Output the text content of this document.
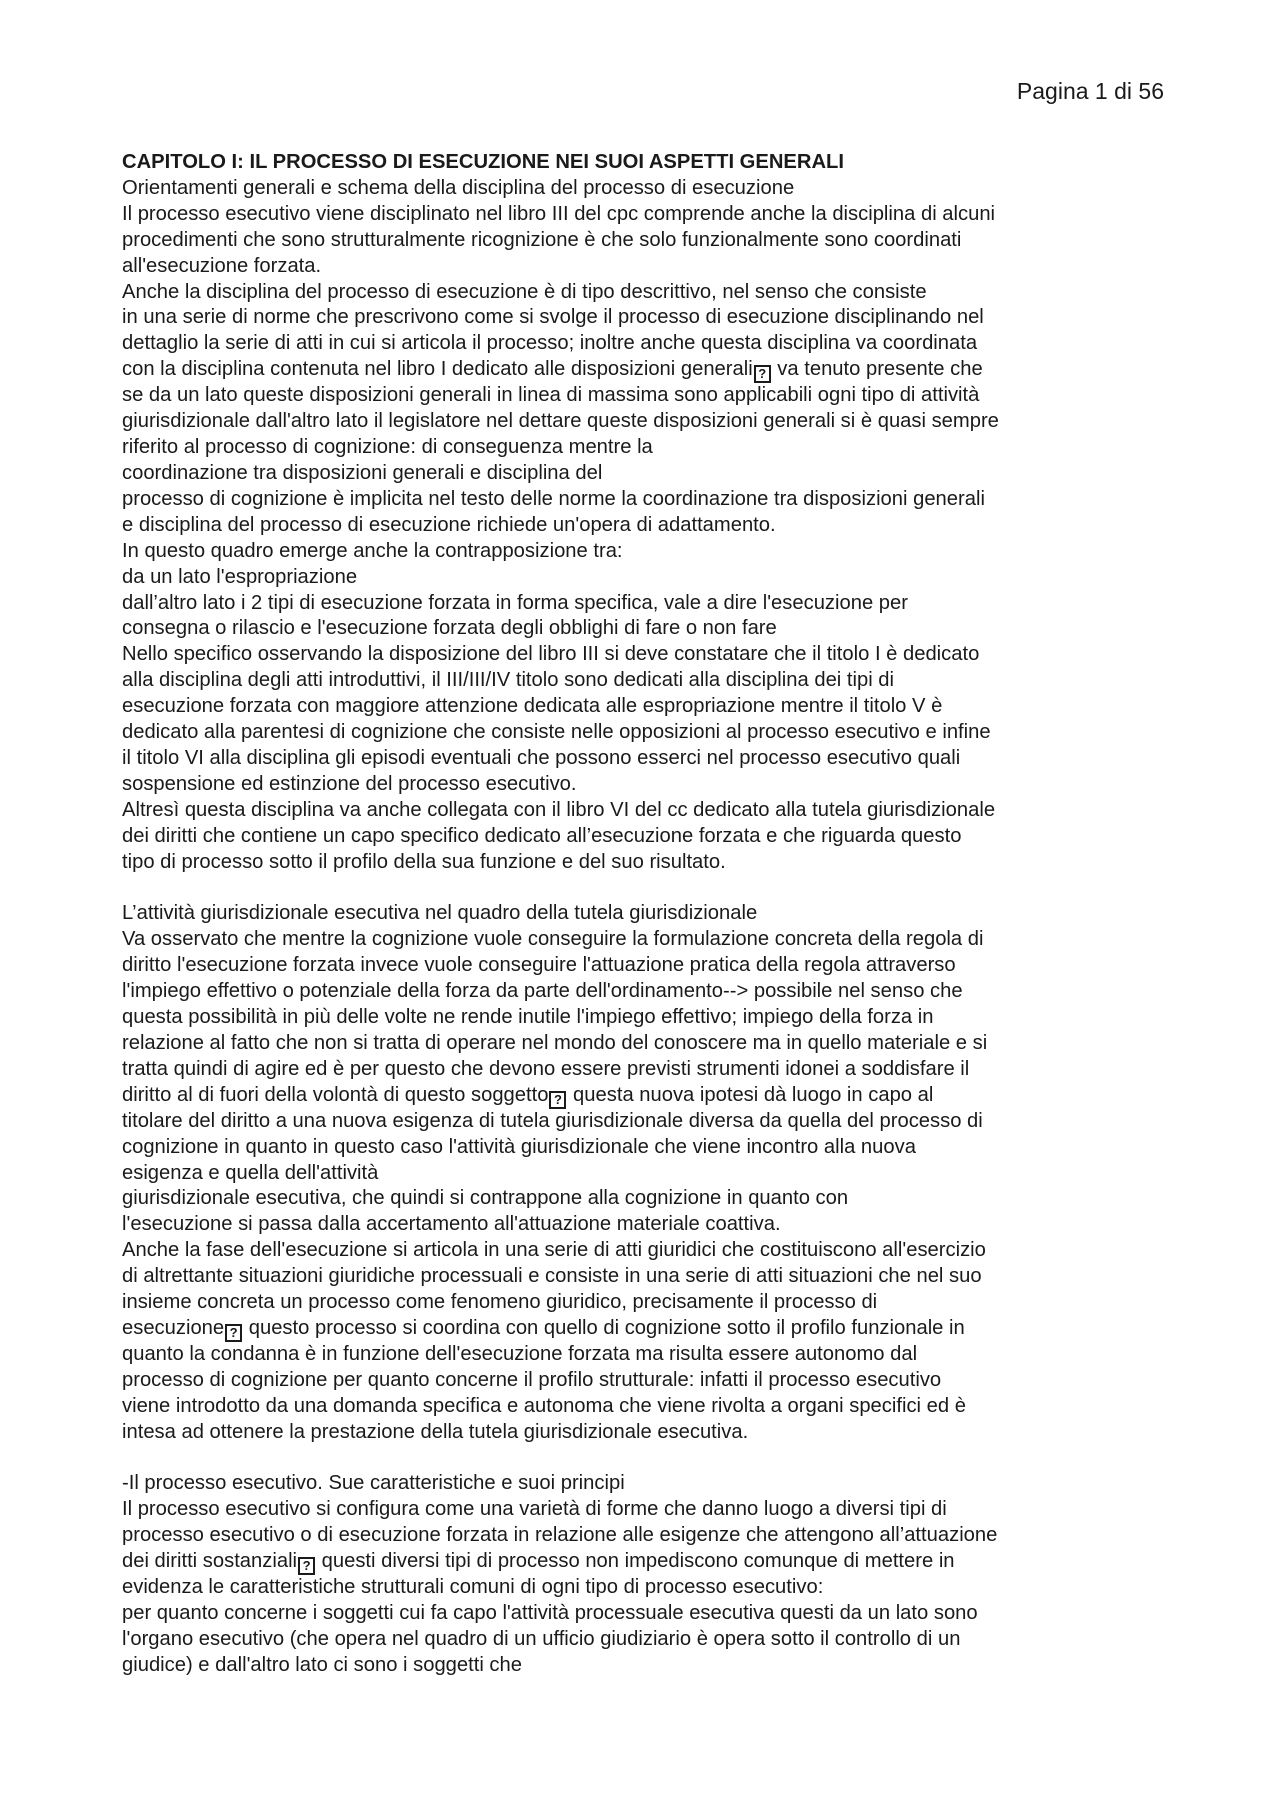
Pagina 1 di 56
CAPITOLO I: IL PROCESSO DI ESECUZIONE NEI SUOI ASPETTI GENERALI
Orientamenti generali e schema della disciplina del processo di esecuzione
Il processo esecutivo viene disciplinato nel libro III del cpc comprende anche la disciplina di alcuni
procedimenti che sono strutturalmente ricognizione è che solo funzionalmente sono coordinati
all'esecuzione forzata.
Anche la disciplina del processo di esecuzione è di tipo descrittivo, nel senso che consiste
in una serie di norme che prescrivono come si svolge il processo di esecuzione disciplinando nel
dettaglio la serie di atti in cui si articola il processo; inoltre anche questa disciplina va coordinata
con la disciplina contenuta nel libro I dedicato alle disposizioni generali ? va tenuto presente che
se da un lato queste disposizioni generali in linea di massima sono applicabili ogni tipo di attività
giurisdizionale dall'altro lato il legislatore nel dettare queste disposizioni generali si è quasi sempre
riferito al processo di cognizione: di conseguenza mentre la
coordinazione tra disposizioni generali e disciplina del
processo di cognizione è implicita nel testo delle norme la coordinazione tra disposizioni generali
e disciplina del processo di esecuzione richiede un'opera di adattamento.
In questo quadro emerge anche la contrapposizione tra:
da un lato l'espropriazione
dall’altro lato i 2 tipi di esecuzione forzata in forma specifica, vale a dire l'esecuzione per
consegna o rilascio e l'esecuzione forzata degli obblighi di fare o non fare
Nello specifico osservando la disposizione del libro III si deve constatare che il titolo I è dedicato
alla disciplina degli atti introduttivi, il III/III/IV titolo sono dedicati alla disciplina dei tipi di
esecuzione forzata con maggiore attenzione dedicata alle espropriazione mentre il titolo V è
dedicato alla parentesi di cognizione che consiste nelle opposizioni al processo esecutivo e infine
il titolo VI alla disciplina gli episodi eventuali che possono esserci nel processo esecutivo quali
sospensione ed estinzione del processo esecutivo.
Altresì questa disciplina va anche collegata con il libro VI del cc dedicato alla tutela giurisdizionale
dei diritti che contiene un capo specifico dedicato all’esecuzione forzata e che riguarda questo
tipo di processo sotto il profilo della sua funzione e del suo risultato.
L’attività giurisdizionale esecutiva nel quadro della tutela giurisdizionale
Va osservato che mentre la cognizione vuole conseguire la formulazione concreta della regola di
diritto l'esecuzione forzata invece vuole conseguire l'attuazione pratica della regola attraverso
l'impiego effettivo o potenziale della forza da parte dell'ordinamento--> possibile nel senso che
questa possibilità in più delle volte ne rende inutile l'impiego effettivo; impiego della forza in
relazione al fatto che non si tratta di operare nel mondo del conoscere ma in quello materiale e si
tratta quindi di agire ed è per questo che devono essere previsti strumenti idonei a soddisfare il
diritto al di fuori della volontà di questo soggetto ? questa nuova ipotesi dà luogo in capo al
titolare del diritto a una nuova esigenza di tutela giurisdizionale diversa da quella del processo di
cognizione in quanto in questo caso l'attività giurisdizionale che viene incontro alla nuova
esigenza e quella dell'attività
giurisdizionale esecutiva, che quindi si contrappone alla cognizione in quanto con
l'esecuzione si passa dalla accertamento all'attuazione materiale coattiva.
Anche la fase dell'esecuzione si articola in una serie di atti giuridici che costituiscono all'esercizio
di altrettante situazioni giuridiche processuali e consiste in una serie di atti situazioni che nel suo
insieme concreta un processo come fenomeno giuridico, precisamente il processo di
esecuzione ? questo processo si coordina con quello di cognizione sotto il profilo funzionale in
quanto la condanna è in funzione dell'esecuzione forzata ma risulta essere autonomo dal
processo di cognizione per quanto concerne il profilo strutturale: infatti il processo esecutivo
viene introdotto da una domanda specifica e autonoma che viene rivolta a organi specifici ed è
intesa ad ottenere la prestazione della tutela giurisdizionale esecutiva.
-Il processo esecutivo. Sue caratteristiche e suoi principi
Il processo esecutivo si configura come una varietà di forme che danno luogo a diversi tipi di
processo esecutivo o di esecuzione forzata in relazione alle esigenze che attengono all’attuazione
dei diritti sostanziali ? questi diversi tipi di processo non impediscono comunque di mettere in
evidenza le caratteristiche strutturali comuni di ogni tipo di processo esecutivo:
per quanto concerne i soggetti cui fa capo l'attività processuale esecutiva questi da un lato sono
l'organo esecutivo (che opera nel quadro di un ufficio giudiziario è opera sotto il controllo di un
giudice) e dall'altro lato ci sono i soggetti che
